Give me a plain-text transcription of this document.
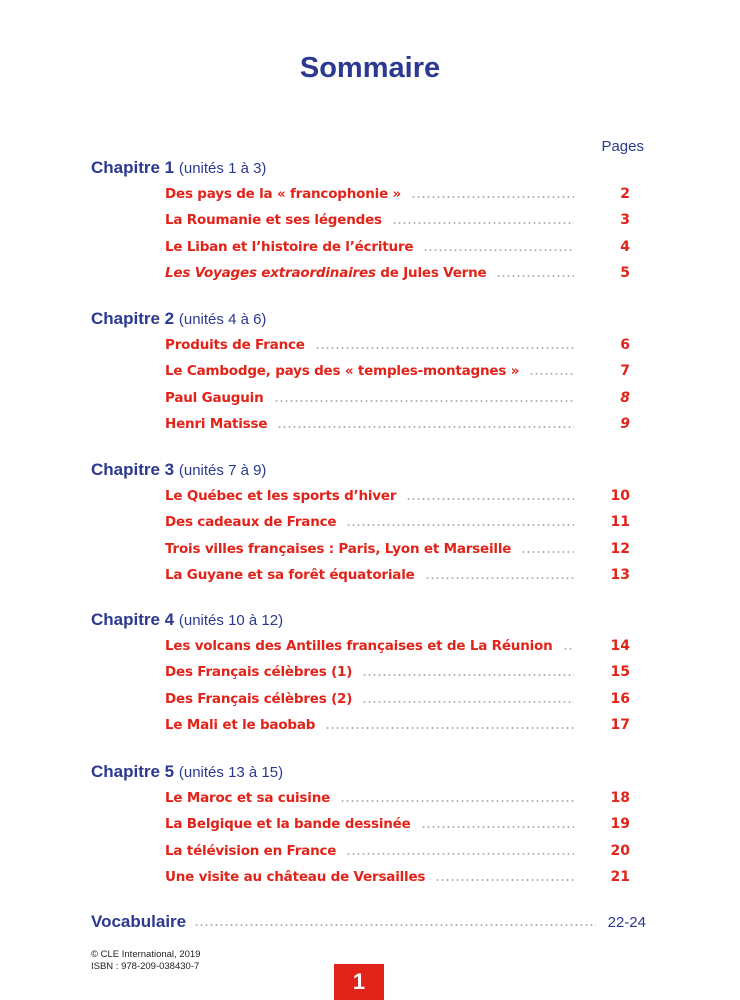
Sommaire
Pages
Chapitre 1 (unités 1 à 3)
Des pays de la « francophonie »	2
La Roumanie et ses légendes	3
Le Liban et l’histoire de l’écriture	4
Les Voyages extraordinaires de Jules Verne	5
Chapitre 2 (unités 4 à 6)
Produits de France	6
Le Cambodge, pays des « temples-montagnes »	7
Paul Gauguin	8
Henri Matisse	9
Chapitre 3 (unités 7 à 9)
Le Québec et les sports d’hiver	10
Des cadeaux de France	11
Trois villes françaises : Paris, Lyon et Marseille	12
La Guyane et sa forêt équatoriale	13
Chapitre 4 (unités 10 à 12)
Les volcans des Antilles françaises et de La Réunion	14
Des Français célèbres (1)	15
Des Français célèbres (2)	16
Le Mali et le baobab	17
Chapitre 5 (unités 13 à 15)
Le Maroc et sa cuisine	18
La Belgique et la bande dessinée	19
La télévision en France	20
Une visite au château de Versailles	21
Vocabulaire	22-24
© CLE International, 2019
ISBN : 978-209-038430-7
1
